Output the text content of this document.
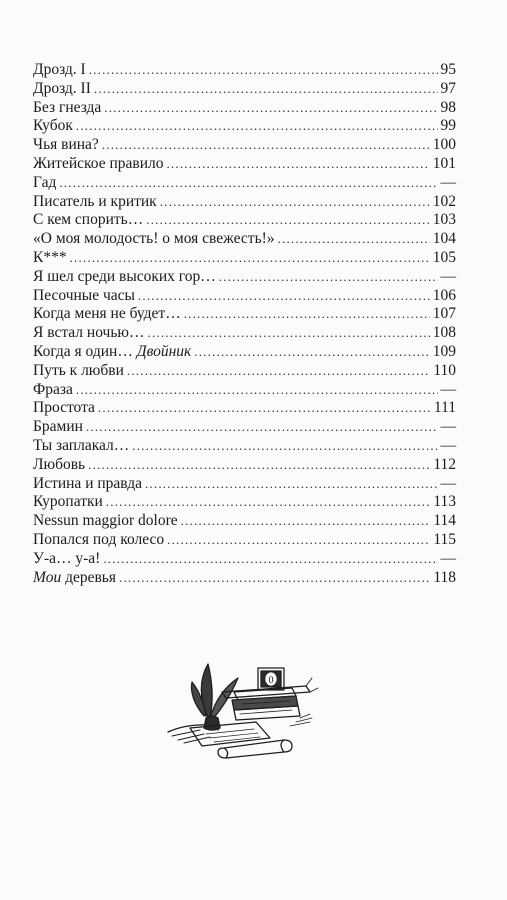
Дрозд. I .....	95
Дрозд. II .....	97
Без гнезда .....	98
Кубок .....	99
Чья вина? .....	100
Житейское правило .....	101
Гад .....	—
Писатель и критик .....	102
С кем спорить… .....	103
«О моя молодость! о моя свежесть!» .....	104
К*** .....	105
Я шел среди высоких гор… .....	—
Песочные часы .....	106
Когда меня не будет… .....	107
Я встал ночью… .....	108
Когда я один… Двойник .....	109
Путь к любви .....	110
Фраза .....	—
Простота .....	111
Брамин .....	—
Ты заплакал… .....	—
Любовь .....	112
Истина и правда .....	—
Куропатки .....	113
Nessun maggior dolore .....	114
Попался под колесо .....	115
У-а… у-а! .....	—
Мои деревья .....	118
0
